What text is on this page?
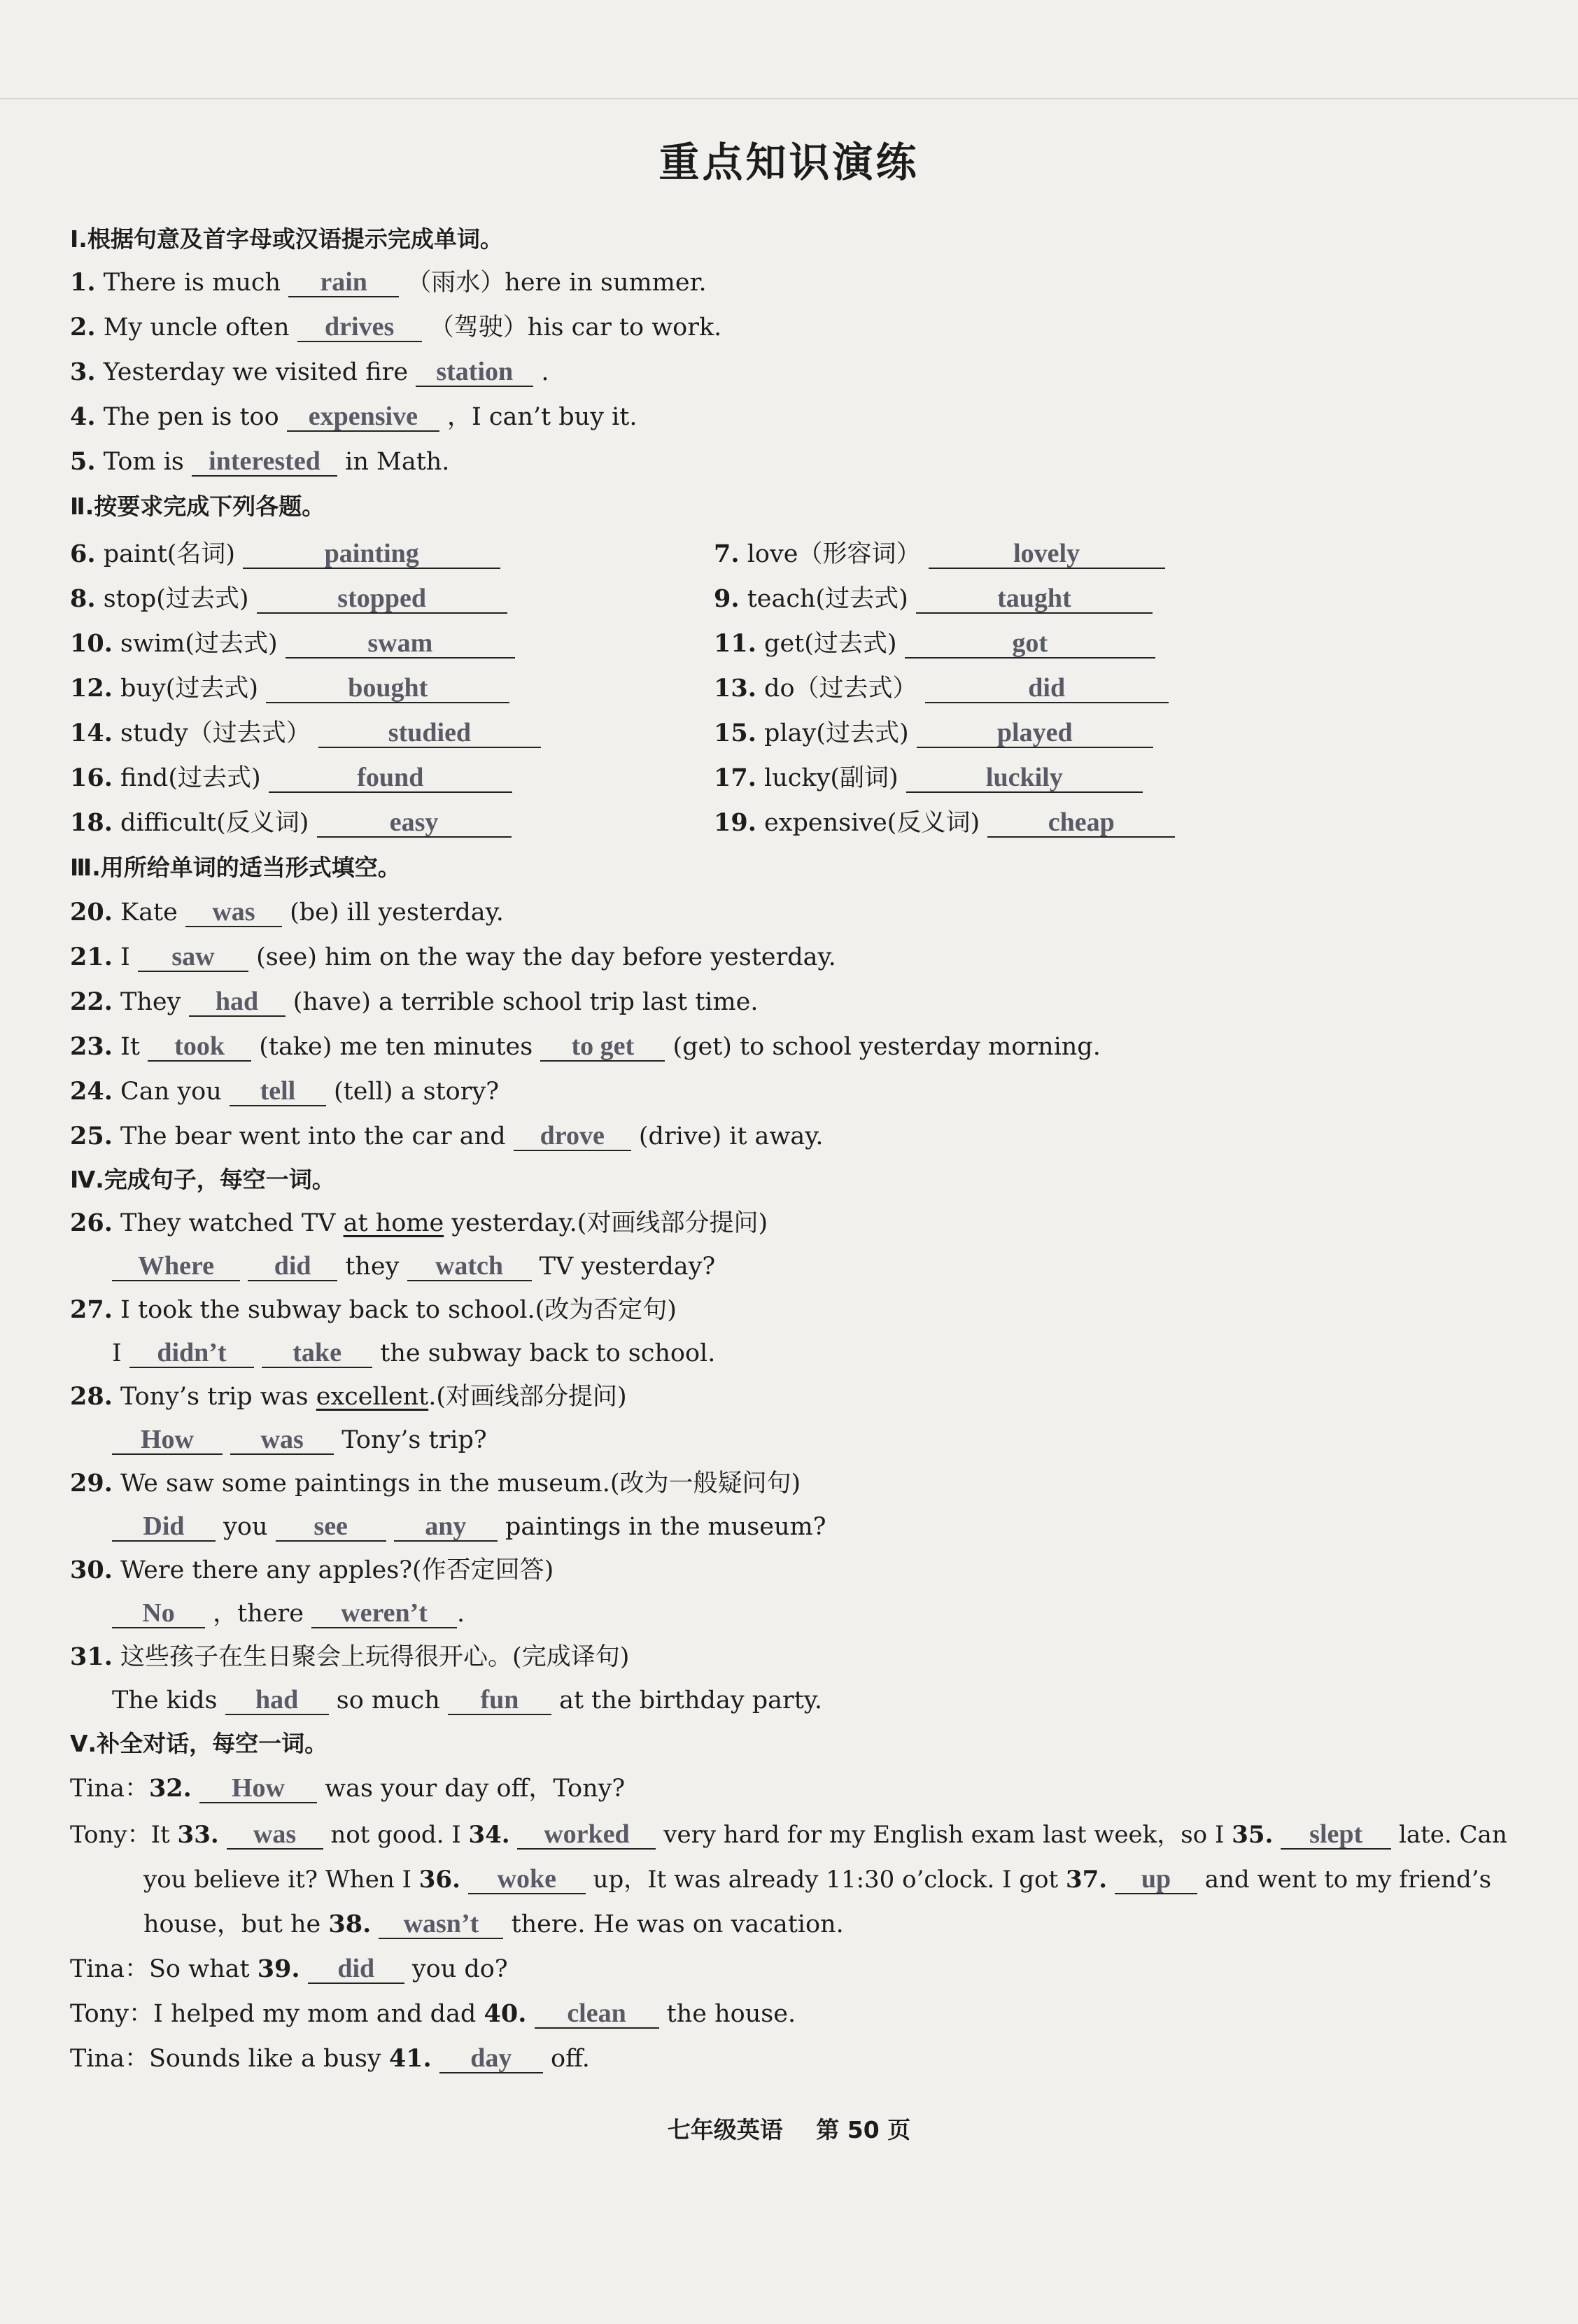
重点知识演练
Ⅰ.根据句意及首字母或汉语提示完成单词。
1. There is much rain （雨水）here in summer.
2. My uncle often drives （驾驶）his car to work.
3. Yesterday we visited fire station .
4. The pen is too expensive ，I can’t buy it.
5. Tom is interested in Math.
Ⅱ.按要求完成下列各题。
6. paint(名词)	painting	7. love（形容词）	lovely
8. stop(过去式)	stopped	9. teach(过去式)	taught
10. swim(过去式)	swam	11. get(过去式)	got
12. buy(过去式)	bought	13. do（过去式）	did
14. study（过去式）	studied	15. play(过去式)	played
16. find(过去式)	found	17. lucky(副词)	luckily
18. difficult(反义词)	easy	19. expensive(反义词)	cheap
Ⅲ.用所给单词的适当形式填空。
20. Kate was (be) ill yesterday.
21. I saw (see) him on the way the day before yesterday.
22. They had (have) a terrible school trip last time.
23. It took (take) me ten minutes to get (get) to school yesterday morning.
24. Can you tell (tell) a story?
25. The bear went into the car and drove (drive) it away.
Ⅳ.完成句子，每空一词。
26. They watched TV at home yesterday.(对画线部分提问)
Where did they watch TV yesterday?
27. I took the subway back to school.(改为否定句)
I didn’t take the subway back to school.
28. Tony’s trip was excellent.(对画线部分提问)
How	was Tony’s trip?
29. We saw some paintings in the museum.(改为一般疑问句)
Did you see	any paintings in the museum?
30. Were there any apples?(作否定回答)
No ，there weren’t .
31. 这些孩子在生日聚会上玩得很开心。(完成译句)
The kids had so much fun at the birthday party.
Ⅴ.补全对话，每空一词。
Tina：32. How was your day off，Tony?
Tony：It 33. was not good. I 34. worked very hard for my English exam last week，so I 35. slept late. Can
you believe it? When I 36. woke up，It was already 11:30 o’clock. I got 37. up and went to my friend’s
house，but he 38. wasn’t there. He was on vacation.
Tina：So what 39. did you do?
Tony：I helped my mom and dad 40. clean the house.
Tina：Sounds like a busy 41. day off.
七年级英语 第 50 页
